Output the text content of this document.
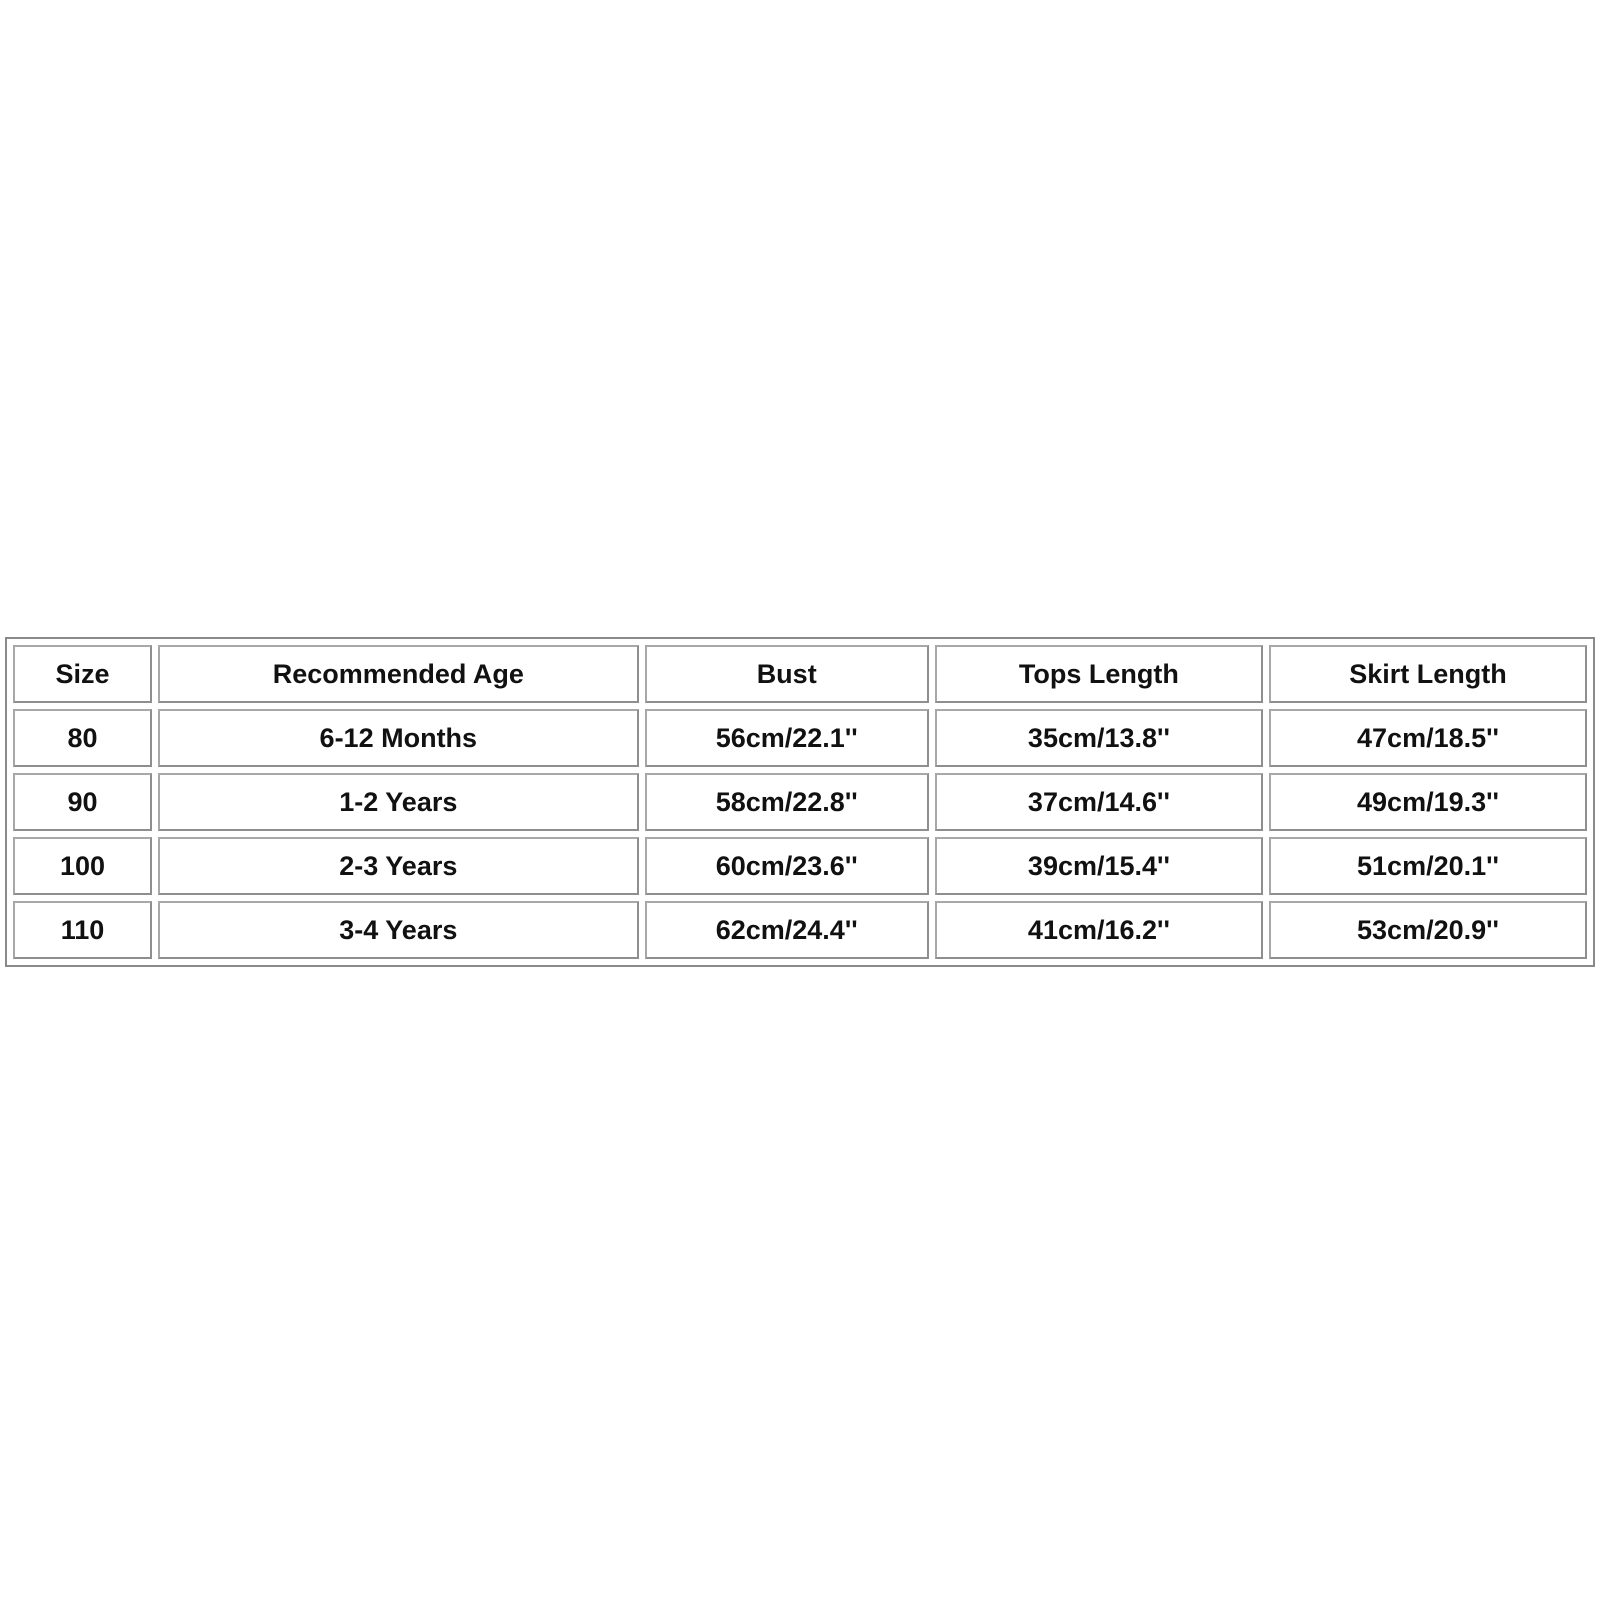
Size	Recommended Age	Bust	Tops Length	Skirt Length
80	6-12 Months	56cm/22.1''	35cm/13.8''	47cm/18.5''
90	1-2 Years	58cm/22.8''	37cm/14.6''	49cm/19.3''
100	2-3 Years	60cm/23.6''	39cm/15.4''	51cm/20.1''
110	3-4 Years	62cm/24.4''	41cm/16.2''	53cm/20.9''
